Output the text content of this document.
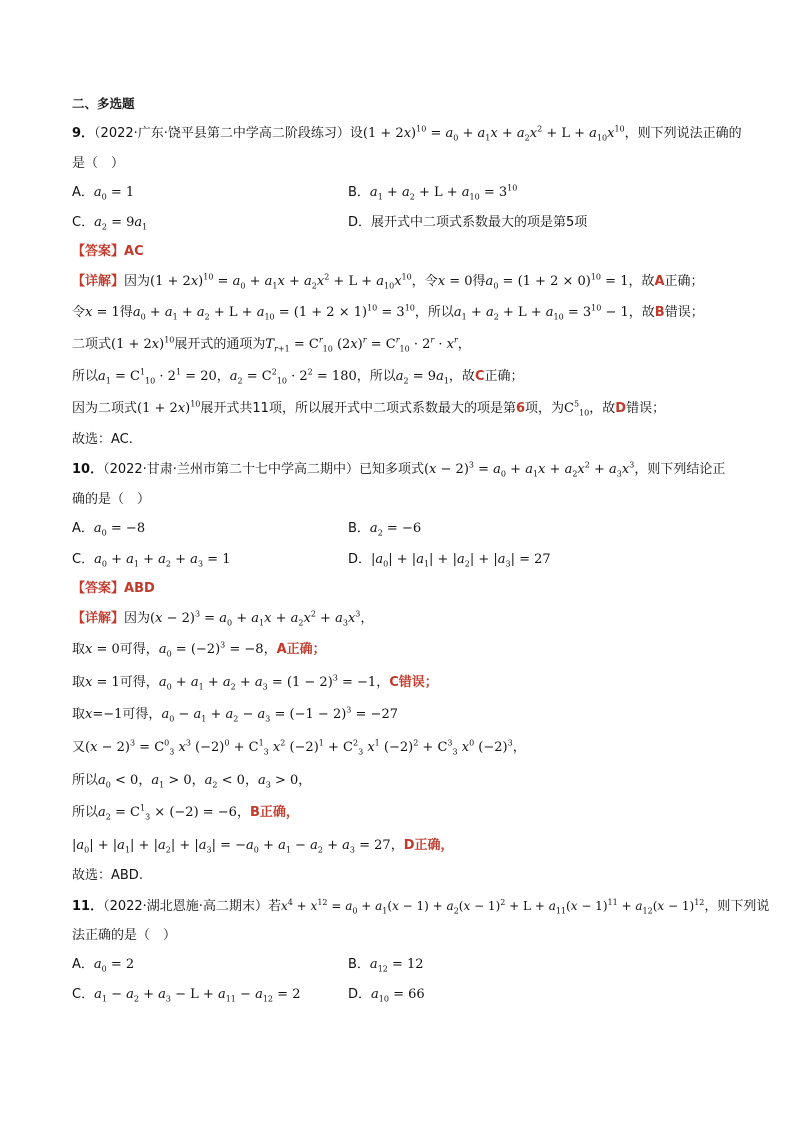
二、多选题
9．（2022·广东·饶平县第二中学高二阶段练习）设$(1 + 2x)^{10} = a_0 + a_1x + a_2x^2 + L + a_{10}x^{10}$，则下列说法正确的
是（　）
A．$a_0 = 1$	B．$a_1 + a_2 + L + a_{10} = 3^{10}$
C．$a_2 = 9a_1$	D．展开式中二项式系数最大的项是第5项
【答案】AC
【详解】因为$(1 + 2x)^{10} = a_0 + a_1x + a_2x^2 + L + a_{10}x^{10}$，令x = 0得$a_0 = (1 + 2 \times 0)^{10} = 1$，故A正确；
令x = 1得$a_0 + a_1 + a_2 + L + a_{10} = (1 + 2 \times 1)^{10} = 3^{10}$，所以$a_1 + a_2 + L + a_{10} = 3^{10} - 1$，故B错误；
二项式$(1 + 2x)^{10}$展开式的通项为$T_{r+1} = C^r_{10}$ $(2x)^r = C^r_{10} \cdot 2^r \cdot x^r$，
所以$a_1 = C^1_{10} \cdot 2^1 = 20$，$a_2 = C^2_{10} \cdot 2^2 = 180$，所以$a_2 = 9a_1$，故C正确；
因为二项式$(1 + 2x)^{10}$展开式共11项，所以展开式中二项式系数最大的项是第6项，为$C^5_{10}$，故D错误；
故选：AC.
10．（2022·甘肃·兰州市第二十七中学高二期中）已知多项式$(x - 2)^3 = a_0 + a_1x + a_2x^2 + a_3x^3$，则下列结论正
确的是（　）
A．$a_0 = -8$	B．$a_2 = -6$
C．$a_0 + a_1 + a_2 + a_3 = 1$	D．$|a_0| + |a_1| + |a_2| + |a_3| = 27$
【答案】ABD
【详解】因为$(x - 2)^3 = a_0 + a_1x + a_2x^2 + a_3x^3$，
取x = 0可得，$a_0 = (-2)^3 = -8$，A正确；
取x = 1可得，$a_0 + a_1 + a_2 + a_3 = (1 - 2)^3 = -1$，C错误；
取x=−1可得，$a_0 - a_1 + a_2 - a_3 = (-1 - 2)^3 = -27$
又$(x - 2)^3 = C^0_3$ $x^3$ $(-2)^0 + C^1_3$ $x^2$ $(-2)^1 + C^2_3$ $x^1$ $(-2)^2 + C^3_3$ $x^0$ $(-2)^3$，
所以$a_0 < 0$，$a_1 > 0$，$a_2 < 0$，$a_3 > 0$，
所以$a_2 = C^1_3 \times (-2) = -6$，B正确，
$|a_0| + |a_1| + |a_2| + |a_3| = -a_0 + a_1 - a_2 + a_3 = 27$，D正确，
故选：ABD.
11．（2022·湖北恩施·高二期末）若$x^4 + x^{12} = a_0 + a_1(x - 1) + a_2(x - 1)^2 + L + a_{11}(x - 1)^{11} + a_{12}(x - 1)^{12}$，则下列说
法正确的是（　）
A．$a_0 = 2$	B．$a_{12} = 12$
C．$a_1 - a_2 + a_3 - L + a_{11} - a_{12} = 2$	D．$a_{10} = 66$
